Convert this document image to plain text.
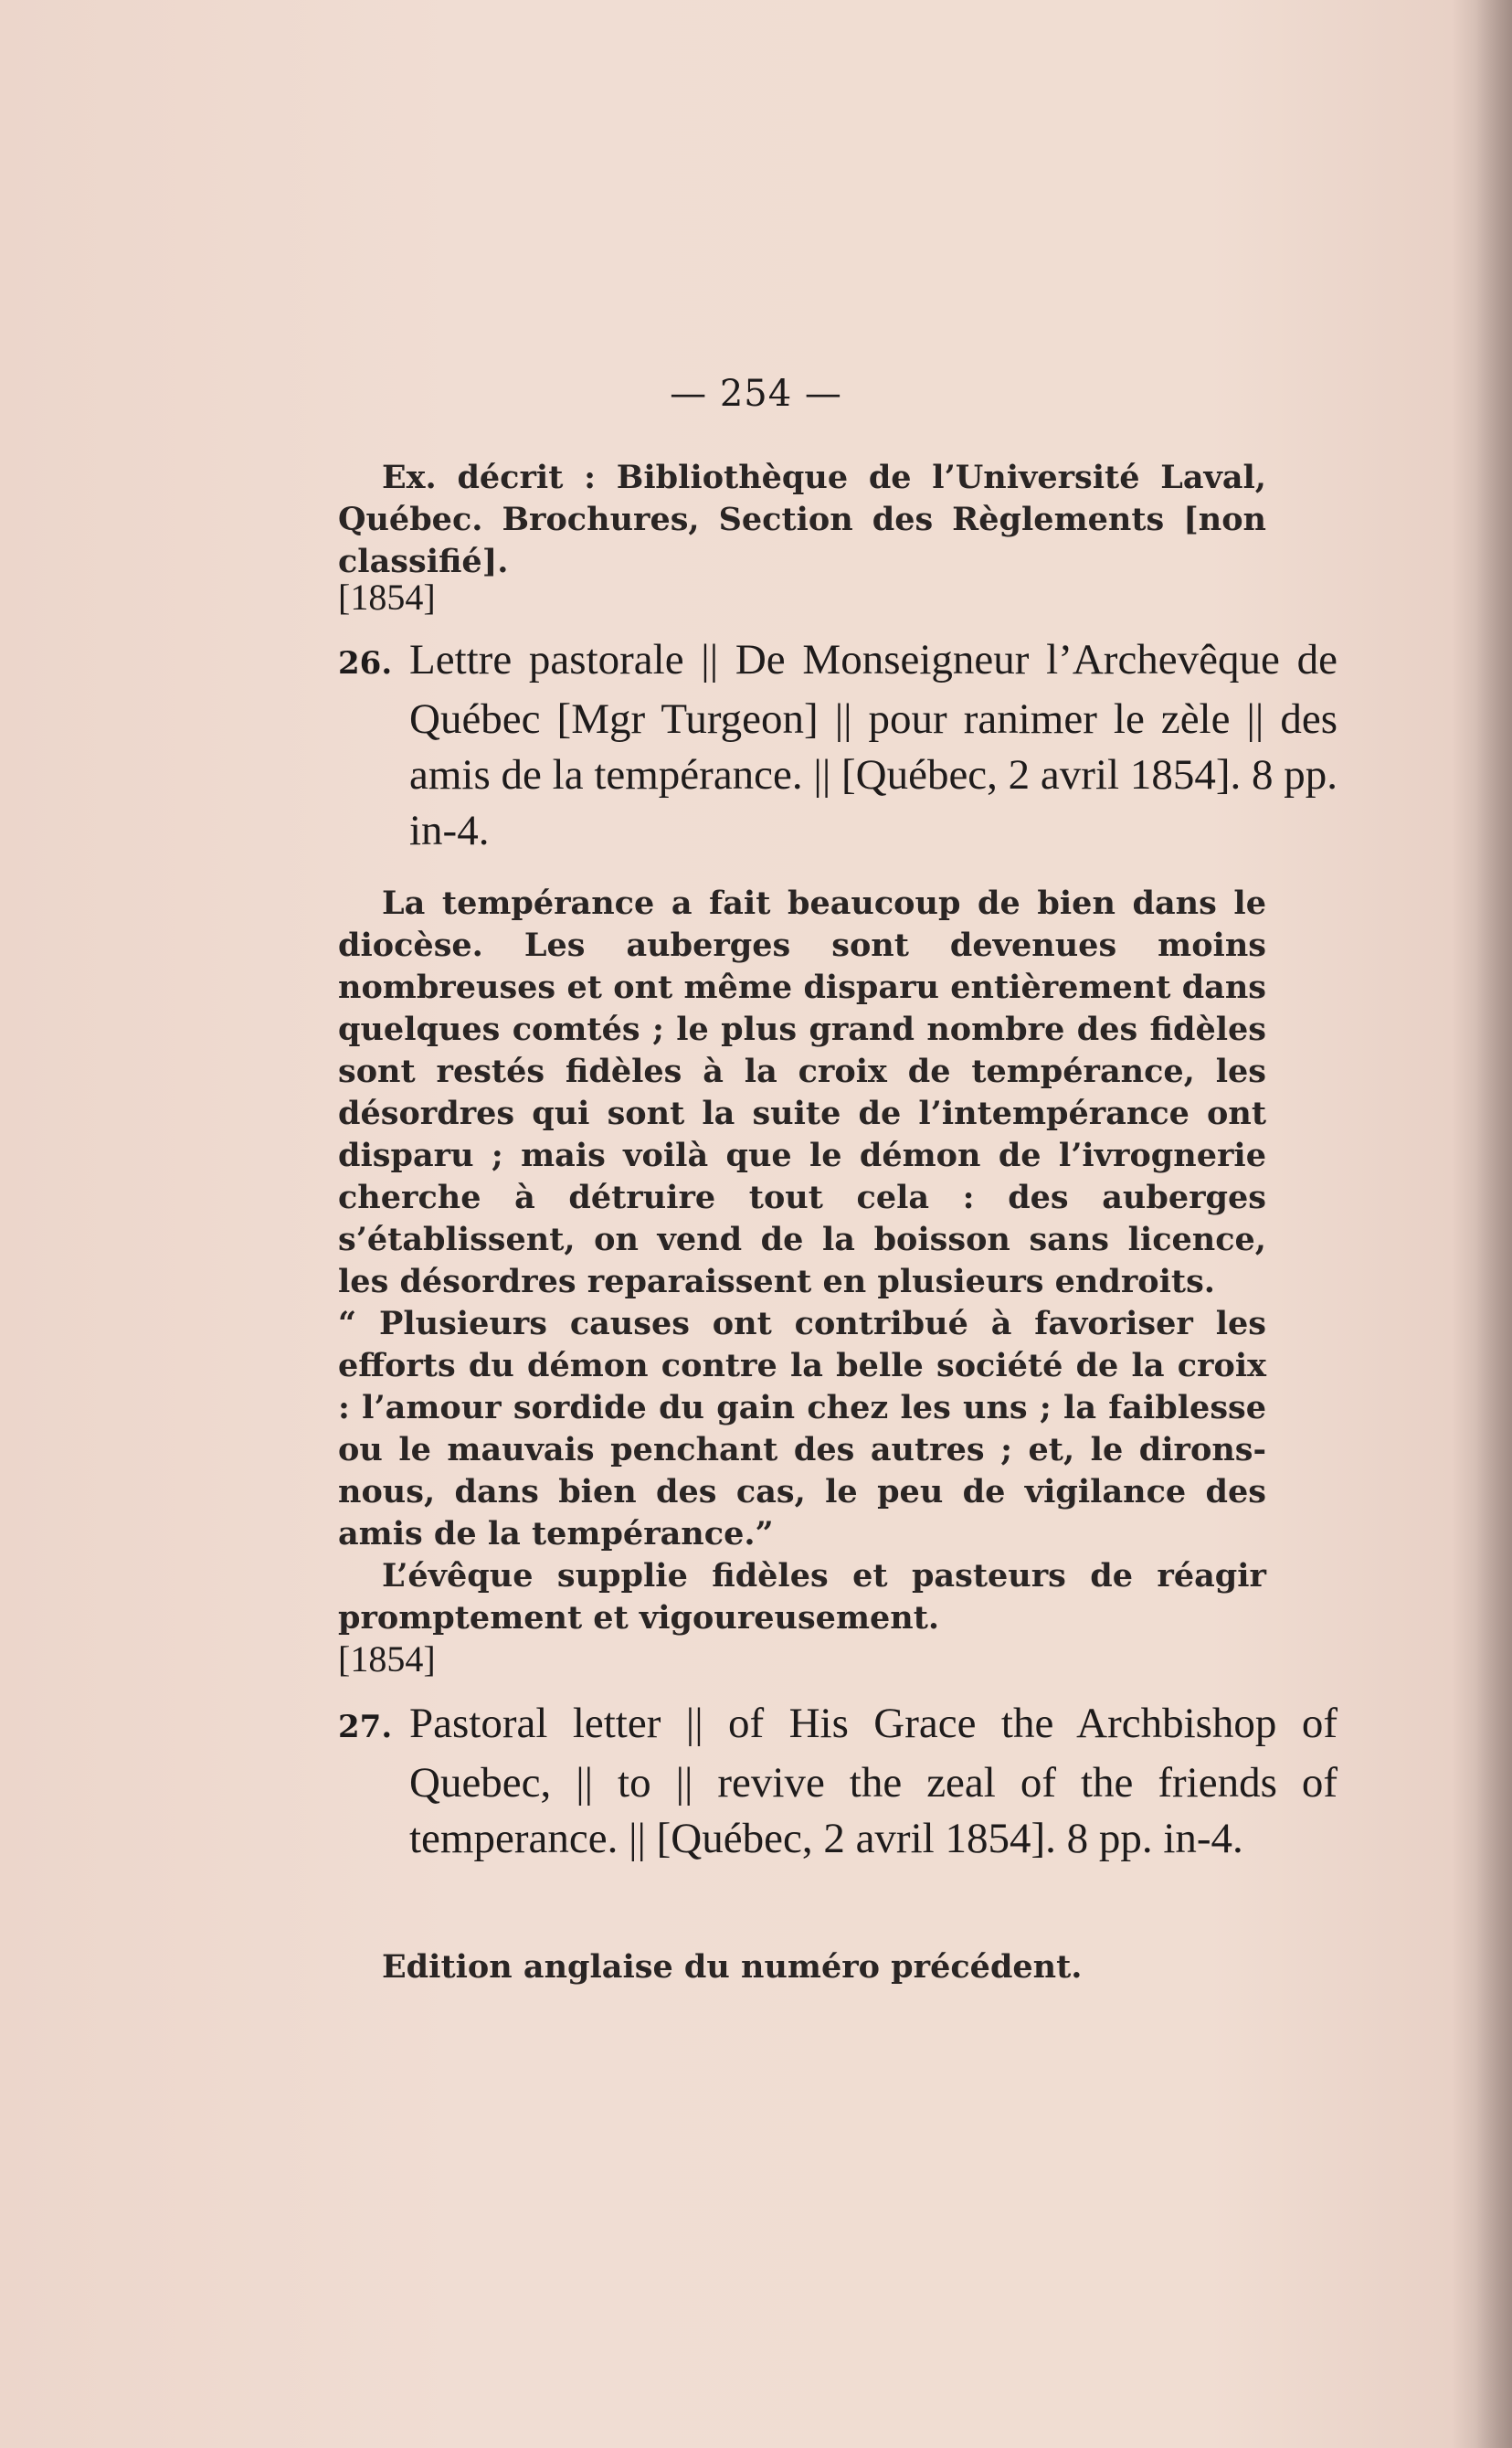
— 254 —
Ex. décrit : Bibliothèque de l’Université Laval, Québec. Brochures, Section des Règlements [non classifié].
[1854]
26. Lettre pastorale || De Monseigneur l’Archevêque de Québec [Mgr Turgeon] || pour ranimer le zèle || des amis de la tempérance. || [Québec, 2 avril 1854]. 8 pp. in-4.

La tempérance a fait beaucoup de bien dans le diocèse. Les auberges sont devenues moins nombreuses et ont même disparu entièrement dans quelques comtés ; le plus grand nombre des fidèles sont restés fidèles à la croix de tempérance, les désordres qui sont la suite de l’intempérance ont disparu ; mais voilà que le démon de l’ivrognerie cherche à détruire tout cela : des auberges s’établissent, on vend de la boisson sans licence, les désordres reparaissent en plusieurs endroits.

“ Plusieurs causes ont contribué à favoriser les efforts du démon contre la belle société de la croix : l’amour sordide du gain chez les uns ; la faiblesse ou le mauvais penchant des autres ; et, le dirons-nous, dans bien des cas, le peu de vigilance des amis de la tempérance.”

L’évêque supplie fidèles et pasteurs de réagir promptement et vigoureusement.

[1854]
27. Pastoral letter || of His Grace the Archbishop of Quebec, || to || revive the zeal of the friends of temperance. || [Québec, 2 avril 1854]. 8 pp. in-4.

Edition anglaise du numéro précédent.
